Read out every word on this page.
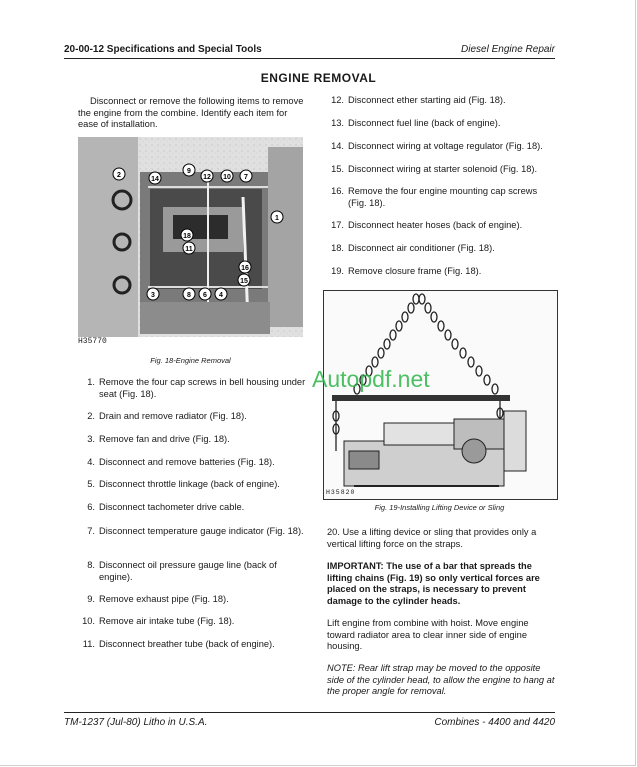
20-00-12 Specifications and Special Tools	Diesel Engine Repair
ENGINE REMOVAL
Disconnect or remove the following items to remove the engine from the combine. Identify each item for ease of installation.
2
14
9
12 10 7
1
18
11
16
15
3	8 6 4
H35770
Fig. 18-Engine Removal
1. Remove the four cap screws in bell housing under seat (Fig. 18).
2. Drain and remove radiator (Fig. 18).
3. Remove fan and drive (Fig. 18).
4. Disconnect and remove batteries (Fig. 18).
5. Disconnect throttle linkage (back of engine).
6. Disconnect tachometer drive cable.
7. Disconnect temperature gauge indicator (Fig. 18).
8. Disconnect oil pressure gauge line (back of engine).
9. Remove exhaust pipe (Fig. 18).
10. Remove air intake tube (Fig. 18).
11. Disconnect breather tube (back of engine).
12. Disconnect ether starting aid (Fig. 18).
13. Disconnect fuel line (back of engine).
14. Disconnect wiring at voltage regulator (Fig. 18).
15. Disconnect wiring at starter solenoid (Fig. 18).
16. Remove the four engine mounting cap screws (Fig. 18).
17. Disconnect heater hoses (back of engine).
18. Disconnect air conditioner (Fig. 18).
19. Remove closure frame (Fig. 18).
H35820
Fig. 19-Installing Lifting Device or Sling
20. Use a lifting device or sling that provides only a vertical lifting force on the straps.
IMPORTANT: The use of a bar that spreads the lifting chains (Fig. 19) so only vertical forces are placed on the straps, is necessary to prevent damage to the cylinder heads.
Lift engine from combine with hoist. Move engine toward radiator area to clear inner side of engine housing.
NOTE: Rear lift strap may be moved to the opposite side of the cylinder head, to allow the engine to hang at the proper angle for removal.
Autopdf.net
TM-1237 (Jul-80) Litho in U.S.A.	Combines - 4400 and 4420
